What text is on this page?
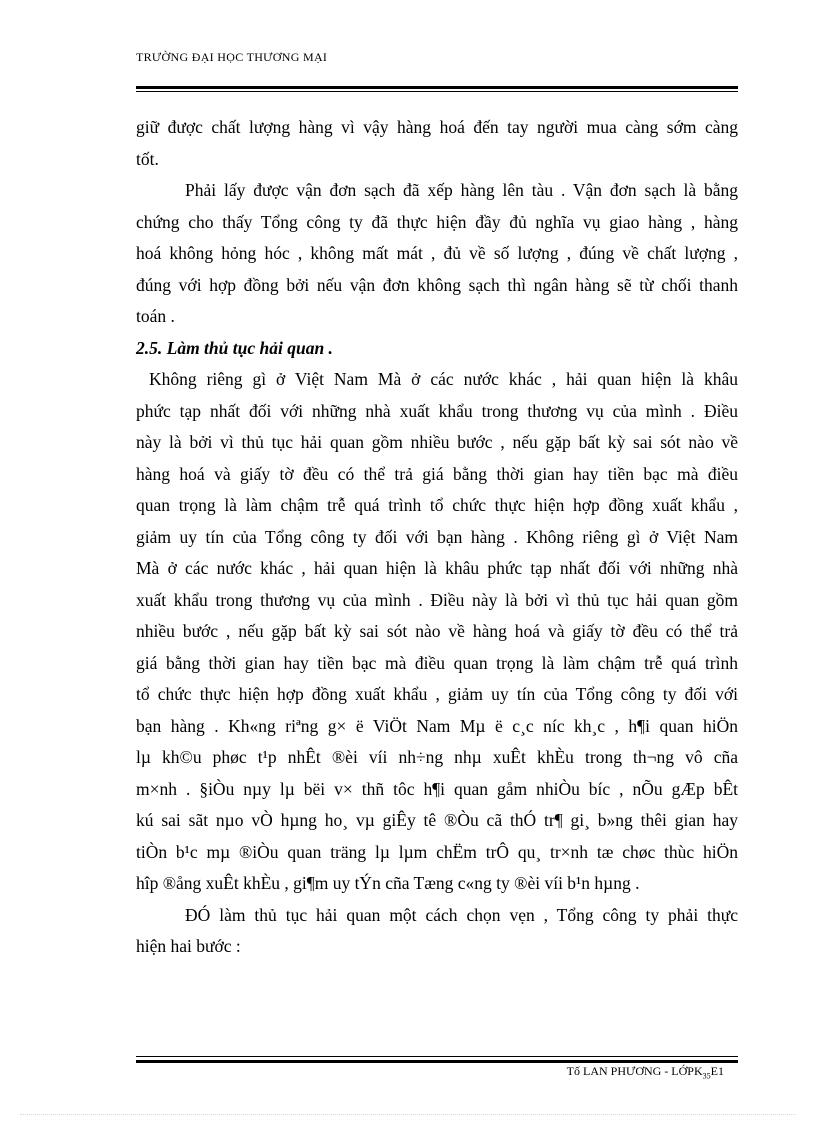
TRƯỜNG ĐẠI HỌC THƯƠNG MẠI

giữ được chất lượng hàng vì vậy hàng hoá đến tay người mua càng sớm càng
tốt.

Phải lấy được vận đơn sạch đã xếp hàng lên tàu . Vận đơn sạch là bằng
chứng cho thấy Tổng công ty đã thực hiện đầy đủ nghĩa vụ giao hàng , hàng
hoá không hỏng hóc , không mất mát , đủ về số lượng , đúng về chất lượng ,
đúng với hợp đồng bởi nếu vận đơn không sạch thì ngân hàng sẽ từ chối thanh
toán .

2.5. Làm thủ tục hải quan .

Không riêng gì ở Việt Nam Mà ở các nước khác , hải quan hiện là khâu
phức tạp nhất đối với những nhà xuất khẩu trong thương vụ của mình . Điều
này là bởi vì thủ tục hải quan gồm nhiều bước , nếu gặp bất kỳ sai sót nào về
hàng hoá và giấy tờ đều có thể trả giá bằng thời gian hay tiền bạc mà điều
quan trọng là làm chậm trễ quá trình tổ chức thực hiện hợp đồng xuất khẩu ,
giảm uy tín của Tổng công ty đối với bạn hàng . Không riêng gì ở Việt Nam
Mà ở các nước khác , hải quan hiện là khâu phức tạp nhất đối với những nhà
xuất khẩu trong thương vụ của mình . Điều này là bởi vì thủ tục hải quan gồm
nhiều bước , nếu gặp bất kỳ sai sót nào về hàng hoá và giấy tờ đều có thể trả
giá bằng thời gian hay tiền bạc mà điều quan trọng là làm chậm trễ quá trình
tổ chức thực hiện hợp đồng xuất khẩu , giảm uy tín của Tổng công ty đối với
bạn hàng . Kh«ng riªng g× ë ViÖt Nam Mµ ë c¸c níc kh¸c , h¶i quan hiÖn
lµ kh©u phøc t¹p nhÊt ®èi víi nh÷ng nhµ xuÊt khÈu trong th¬ng vô cña
m×nh . §iÒu nµy lµ bëi v× thñ tôc h¶i quan gåm nhiÒu bíc , nÕu gÆp bÊt
kú sai sãt nµo vÒ hµng ho¸ vµ giÊy tê ®Òu cã thÓ tr¶ gi¸ b»ng thêi gian hay
tiÒn b¹c mµ ®iÒu quan träng lµ lµm chËm trÔ qu¸ tr×nh tæ chøc thùc hiÖn
hîp ®ång xuÊt khÈu , gi¶m uy tÝn cña Tæng c«ng ty ®èi víi b¹n hµng .

ĐÓ làm thủ tục hải quan một cách chọn vẹn , Tổng công ty phải thực
hiện hai bước :

Tố LAN PHƯƠNG - LỚPK$_{35}$E1
